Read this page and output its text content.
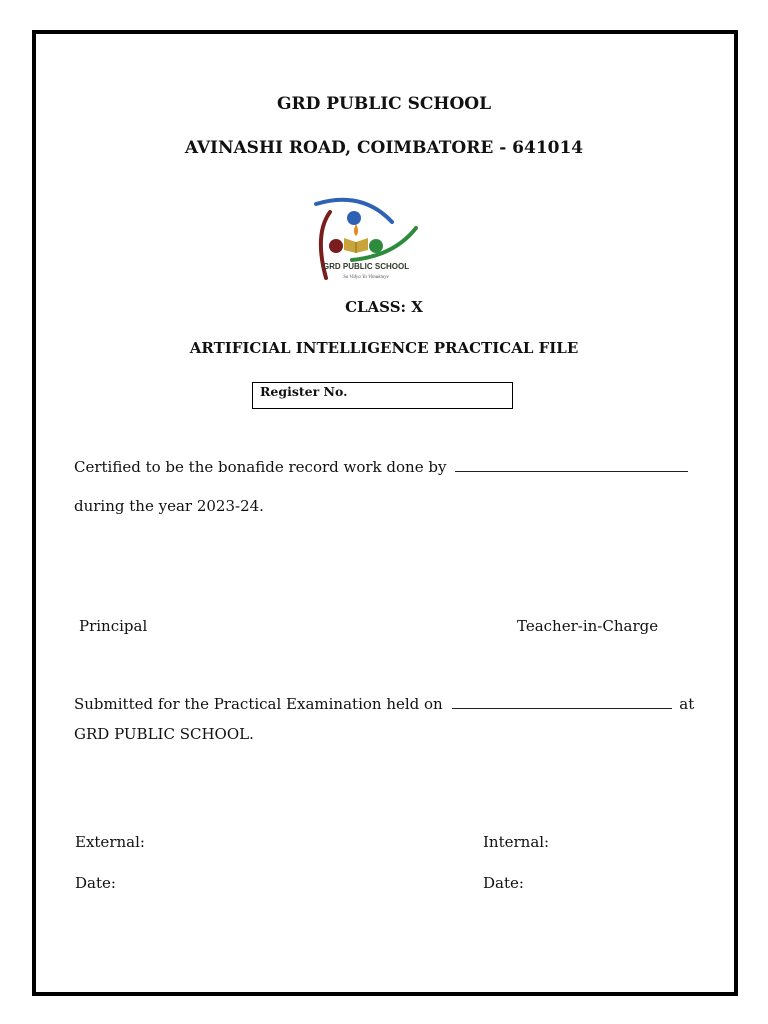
GRD PUBLIC SCHOOL
AVINASHI ROAD, COIMBATORE - 641014
GRD PUBLIC SCHOOL
Sa Vidya Ya Vimuktaye
CLASS: X
ARTIFICIAL INTELLIGENCE PRACTICAL FILE
Register No.
Certified to be the bonafide record work done by
during the year 2023-24.
Principal	Teacher-in-Charge
Submitted for the Practical Examination held on	at
GRD PUBLIC SCHOOL.
External:	Internal:
Date:	Date:
